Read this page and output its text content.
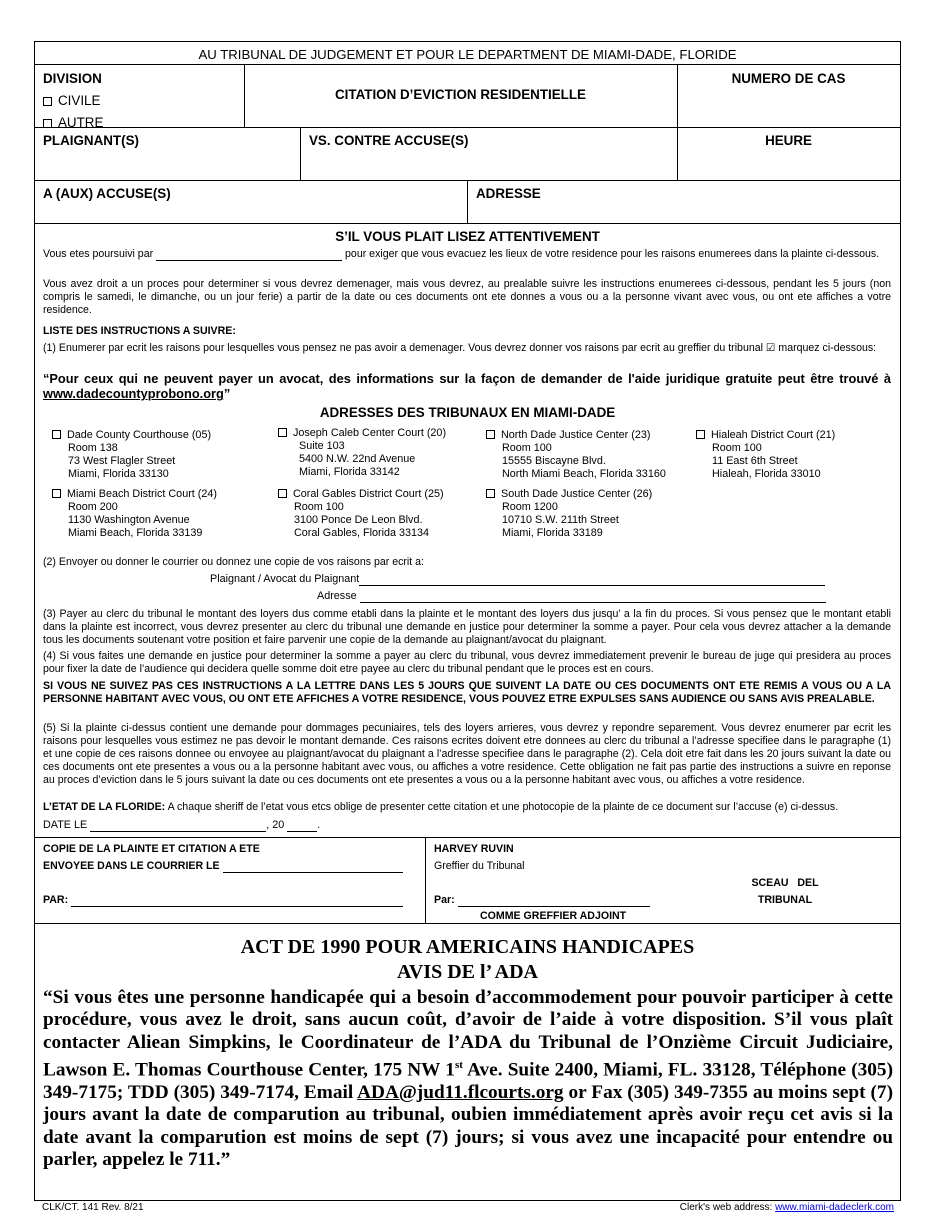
AU TRIBUNAL DE JUDGEMENT ET POUR LE DEPARTMENT DE MIAMI-DADE, FLORIDE
DIVISION
CIVILE
AUTRE
CITATION D’EVICTION RESIDENTIELLE
NUMERO DE CAS
PLAIGNANT(S)	VS. CONTRE ACCUSE(S)	HEURE
A (AUX) ACCUSE(S)	ADRESSE
S’IL VOUS PLAIT LISEZ ATTENTIVEMENT
Vous etes poursuivi par	pour exiger que vous evacuez les lieux de votre residence pour les raisons enumerees dans la plainte ci-dessous.
Vous avez droit a un proces pour determiner si vous devrez demenager, mais vous devrez, au prealable suivre les instructions enumerees ci-dessous, pendant les 5 jours (non compris le samedi, le dimanche, ou un jour ferie) a partir de la date ou ces documents ont ete donnes a vous ou a la personne vivant avec vous, ou ont ete affiches a votre residence.
LISTE DES INSTRUCTIONS A SUIVRE:
(1) Enumerer par ecrit les raisons pour lesquelles vous pensez ne pas avoir a demenager. Vous devrez donner vos raisons par ecrit au greffier du tribunal ☑ marquez ci-dessous:
“Pour ceux qui ne peuvent payer un avocat, des informations sur la façon de demander de l'aide juridique gratuite peut être trouvé à www.dadecountyprobono.org”
ADRESSES DES TRIBUNAUX EN MIAMI-DADE
Dade County Courthouse (05)
Room 138
73 West Flagler Street
Miami, Florida 33130
Joseph Caleb Center Court (20)
Suite 103
5400 N.W. 22nd Avenue
Miami, Florida 33142
North Dade Justice Center (23)
Room 100
15555 Biscayne Blvd.
North Miami Beach, Florida 33160
Hialeah District Court (21)
Room 100
11 East 6th Street
Hialeah, Florida 33010
Miami Beach District Court (24)
Room 200
1130 Washington Avenue
Miami Beach, Florida 33139
Coral Gables District Court (25)
Room 100
3100 Ponce De Leon Blvd.
Coral Gables, Florida 33134
South Dade Justice Center (26)
Room 1200
10710 S.W. 211th Street
Miami, Florida 33189
(2) Envoyer ou donner le courrier ou donnez une copie de vos raisons par ecrit a:
Plaignant / Avocat du Plaignant
Adresse
(3) Payer au clerc du tribunal le montant des loyers dus comme etabli dans la plainte et le montant des loyers dus jusqu’ a la fin du proces. Si vous pensez que le montant etabli dans la plainte est incorrect, vous devrez presenter au clerc du tribunal une demande en justice pour determiner la somme a payer. Pour cela vous devrez attacher a la demande tous les documents soutenant votre position et faire parvenir une copie de la demande au plaignant/avocat du plaignant.
(4) Si vous faites une demande en justice pour determiner la somme a payer au clerc du tribunal, vous devrez immediatement prevenir le bureau de juge qui presidera au proces pour fixer la date de l’audience qui decidera quelle somme doit etre payee au clerc du tribunal pendant que le proces est en cours.
SI VOUS NE SUIVEZ PAS CES INSTRUCTIONS A LA LETTRE DANS LES 5 JOURS QUE SUIVENT LA DATE OU CES DOCUMENTS ONT ETE REMIS A VOUS OU A LA PERSONNE HABITANT AVEC VOUS, OU ONT ETE AFFICHES A VOTRE RESIDENCE, VOUS POUVEZ ETRE EXPULSES SANS AUDIENCE OU SANS AVIS PREALABLE.
(5) Si la plainte ci-dessus contient une demande pour dommages pecuniaires, tels des loyers arrieres, vous devrez y repondre separement. Vous devrez enumerer par ecrit les raisons pour lesquelles vous estimez ne pas devoir le montant demande. Ces raisons ecrites doivent etre donnees au clerc du tribunal a l’adresse specifiee dans le paragraphe (1) et une copie de ces raisons donnee ou envoyee au plaignant/avocat du plaignant a l’adresse specifiee dans le paragraphe (2). Cela doit etre fait dans les 20 jours suivant la date ou ces documents ont ete presentes a vous ou a la personne habitant avec vous, ou affiches a votre residence. Cette obligation ne fait pas partie des instructions a suivre en reponse au proces d’eviction dans le 5 jours suivant la date ou ces documents ont ete presentes a vous ou a la personne habitant avec vous, ou affiches a votre residence.
L’ETAT DE LA FLORIDE: A chaque sheriff de l’etat vous etcs oblige de presenter cette citation et une photocopie de la plainte de ce document sur l’accuse (e) ci-dessus.
DATE LE	, 20	.
COPIE DE LA PLAINTE ET CITATION A ETE
ENVOYEE DANS LE COURRIER LE
PAR:
HARVEY RUVIN
Greffier du Tribunal
Par:
COMME GREFFIER ADJOINT
SCEAU   DEL
TRIBUNAL
ACT DE 1990 POUR AMERICAINS HANDICAPES
AVIS DE l’ ADA
“Si vous êtes une personne handicapée qui a besoin d’accommodement pour pouvoir participer à cette procédure, vous avez le droit, sans aucun coût, d’avoir de l’aide à votre disposition. S’il vous plaît contacter Aliean Simpkins, le Coordinateur de l’ADA du Tribunal de l’Onzième Circuit Judiciaire, Lawson E. Thomas Courthouse Center, 175 NW 1st Ave. Suite 2400, Miami, FL. 33128, Téléphone (305) 349-7175; TDD (305) 349-7174, Email ADA@jud11.flcourts.org or Fax (305) 349-7355 au moins sept (7) jours avant la date de comparution au tribunal, oubien immédiatement après avoir reçu cet avis si la date avant la comparution est moins de sept (7) jours; si vous avez une incapacité pour entendre ou parler, appelez le 711.”
CLK/CT. 141 Rev. 8/21	Clerk's web address: www.miami-dadeclerk.com
